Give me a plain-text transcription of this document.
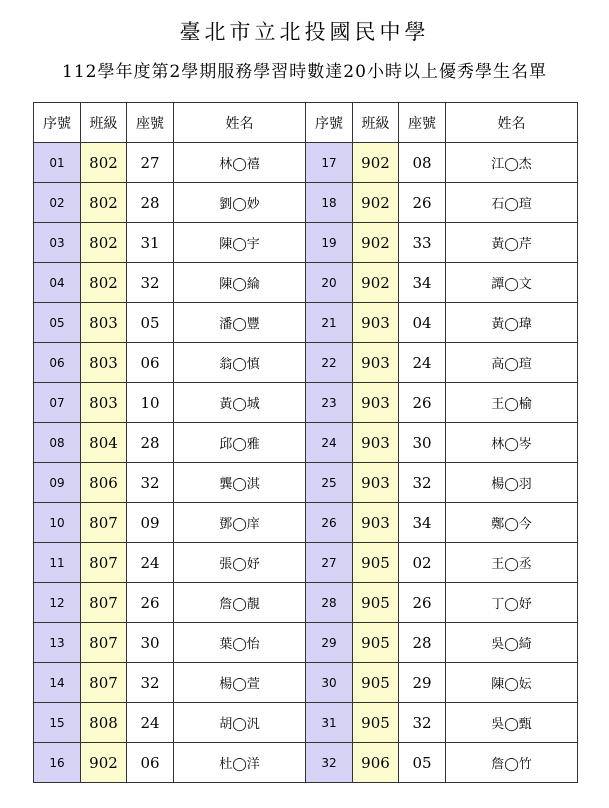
臺北市立北投國民中學
112學年度第2學期服務學習時數達20小時以上優秀學生名單
序號	班級	座號	姓名	序號	班級	座號	姓名
01	802	27	林◯禧	17	902	08	江◯杰
02	802	28	劉◯妙	18	902	26	石◯瑄
03	802	31	陳◯宇	19	902	33	黃◯芹
04	802	32	陳◯綸	20	902	34	譚◯文
05	803	05	潘◯豐	21	903	04	黃◯瑋
06	803	06	翁◯慎	22	903	24	高◯瑄
07	803	10	黃◯城	23	903	26	王◯榆
08	804	28	邱◯雅	24	903	30	林◯岑
09	806	32	龔◯淇	25	903	32	楊◯羽
10	807	09	鄧◯庠	26	903	34	鄭◯今
11	807	24	張◯妤	27	905	02	王◯丞
12	807	26	詹◯靚	28	905	26	丁◯妤
13	807	30	葉◯怡	29	905	28	吳◯綺
14	807	32	楊◯萱	30	905	29	陳◯妘
15	808	24	胡◯汎	31	905	32	吳◯甄
16	902	06	杜◯洋	32	906	05	詹◯竹
